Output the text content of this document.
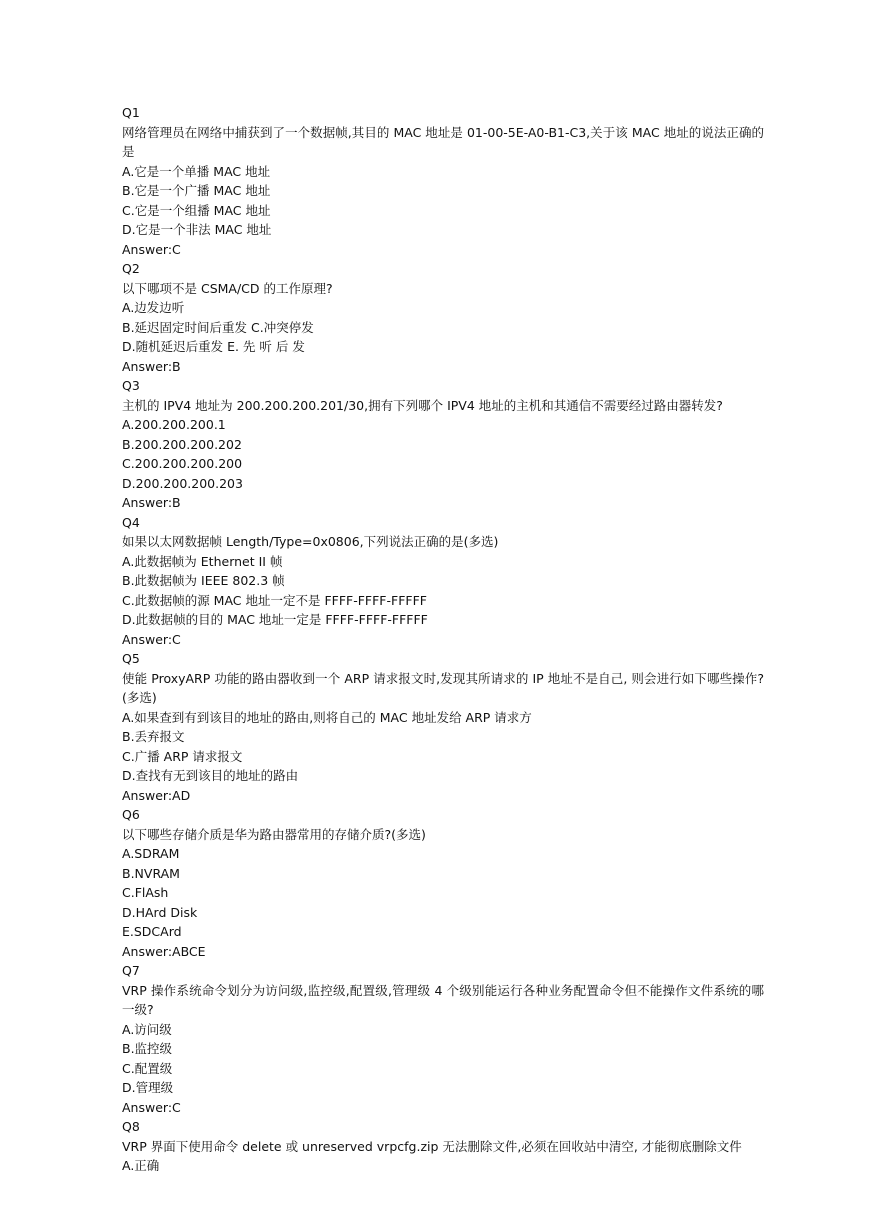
Q1
网络管理员在网络中捕获到了一个数据帧,其目的 MAC 地址是 01-00-5E-A0-B1-C3,关于该 MAC 地址的说法正确的是
A.它是一个单播 MAC 地址
B.它是一个广播 MAC 地址
C.它是一个组播 MAC 地址
D.它是一个非法 MAC 地址
Answer:C
Q2
以下哪项不是 CSMA/CD 的工作原理?
A.边发边听
B.延迟固定时间后重发 C.冲突停发
D.随机延迟后重发 E. 先 听 后 发
Answer:B
Q3
主机的 IPV4 地址为 200.200.200.201/30,拥有下列哪个 IPV4 地址的主机和其通信不需要经过路由器转发?
A.200.200.200.1
B.200.200.200.202
C.200.200.200.200
D.200.200.200.203
Answer:B
Q4
如果以太网数据帧 Length/Type=0x0806,下列说法正确的是(多选)
A.此数据帧为 Ethernet II 帧
B.此数据帧为 IEEE 802.3 帧
C.此数据帧的源 MAC 地址一定不是 FFFF-FFFF-FFFFF
D.此数据帧的目的 MAC 地址一定是 FFFF-FFFF-FFFFF
Answer:C
Q5
使能 ProxyARP 功能的路由器收到一个 ARP 请求报文时,发现其所请求的 IP 地址不是自己, 则会进行如下哪些操作? (多选)
A.如果查到有到该目的地址的路由,则将自己的 MAC 地址发给 ARP 请求方
B.丢弃报文
C.广播 ARP 请求报文
D.查找有无到该目的地址的路由
Answer:AD
Q6
以下哪些存储介质是华为路由器常用的存储介质?(多选)
A.SDRAM
B.NVRAM
C.FlAsh
D.HArd Disk
E.SDCArd
Answer:ABCE
Q7
VRP 操作系统命令划分为访问级,监控级,配置级,管理级 4 个级别能运行各种业务配置命令但不能操作文件系统的哪一级?
A.访问级
B.监控级
C.配置级
D.管理级
Answer:C
Q8
VRP 界面下使用命令 delete 或 unreserved vrpcfg.zip 无法删除文件,必须在回收站中清空, 才能彻底删除文件
A.正确
